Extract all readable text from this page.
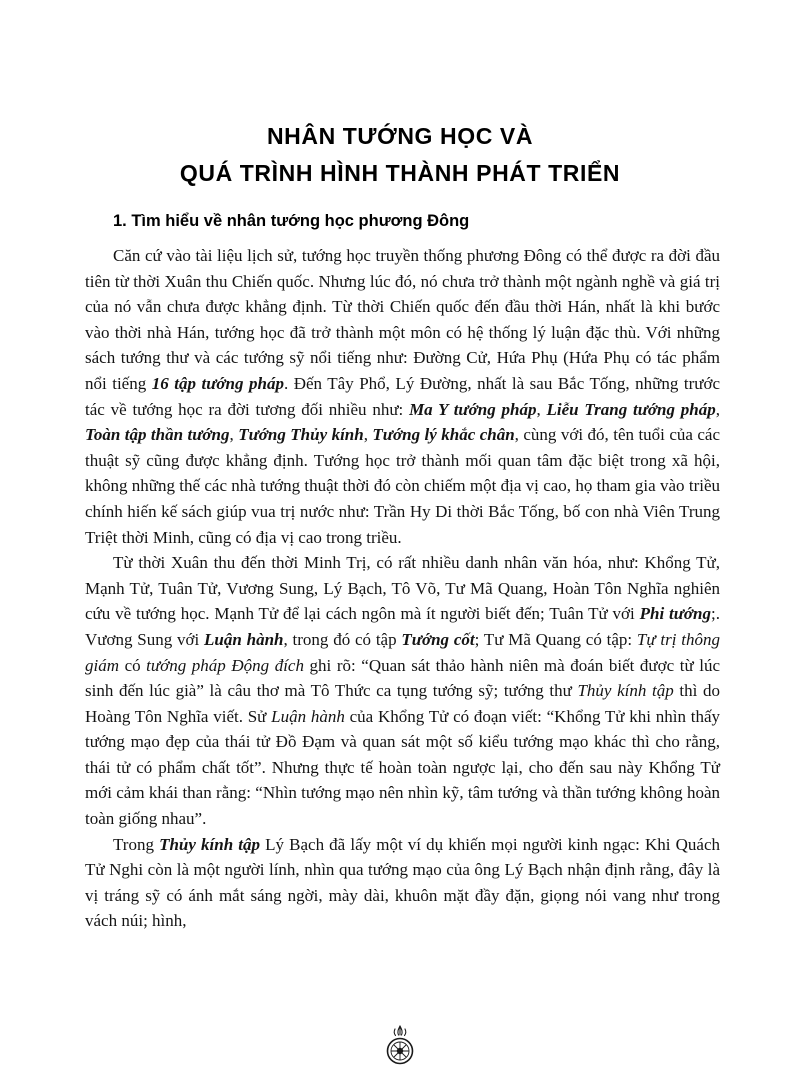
NHÂN TƯỚNG HỌC VÀ
QUÁ TRÌNH HÌNH THÀNH PHÁT TRIỂN
1. Tìm hiểu về nhân tướng học phương Đông

Căn cứ vào tài liệu lịch sử, tướng học truyền thống phương Đông có thể được ra đời đầu tiên từ thời Xuân thu Chiến quốc. Nhưng lúc đó, nó chưa trở thành một ngành nghề và giá trị của nó vẫn chưa được khẳng định. Từ thời Chiến quốc đến đầu thời Hán, nhất là khi bước vào thời nhà Hán, tướng học đã trở thành một môn có hệ thống lý luận đặc thù. Với những sách tướng thư và các tướng sỹ nổi tiếng như: Đường Cử, Hứa Phụ (Hứa Phụ có tác phẩm nổi tiếng 16 tập tướng pháp. Đến Tây Phổ, Lý Đường, nhất là sau Bắc Tống, những trước tác về tướng học ra đời tương đối nhiều như: Ma Y tướng pháp, Liễu Trang tướng pháp, Toàn tập thần tướng, Tướng Thủy kính, Tướng lý khắc chân, cùng với đó, tên tuổi của các thuật sỹ cũng được khẳng định. Tướng học trở thành mối quan tâm đặc biệt trong xã hội, không những thế các nhà tướng thuật thời đó còn chiếm một địa vị cao, họ tham gia vào triều chính hiến kế sách giúp vua trị nước như: Trần Hy Di thời Bắc Tống, bố con nhà Viên Trung Triệt thời Minh, cũng có địa vị cao trong triều.

Từ thời Xuân thu đến thời Minh Trị, có rất nhiều danh nhân văn hóa, như: Khổng Tử, Mạnh Tử, Tuân Tử, Vương Sung, Lý Bạch, Tô Võ, Tư Mã Quang, Hoàn Tôn Nghĩa nghiên cứu về tướng học. Mạnh Tử để lại cách ngôn mà ít người biết đến; Tuân Tử với Phi tướng;. Vương Sung với Luận hành, trong đó có tập Tướng cốt; Tư Mã Quang có tập: Tự trị thông giám có tướng pháp Động đích ghi rõ: “Quan sát thảo hành niên mà đoán biết được từ lúc sinh đến lúc già” là câu thơ mà Tô Thức ca tụng tướng sỹ; tướng thư Thủy kính tập thì do Hoàng Tôn Nghĩa viết. Sử Luận hành của Khổng Tử có đoạn viết: “Khổng Tử khi nhìn thấy tướng mạo đẹp của thái tử Đồ Đạm và quan sát một số kiểu tướng mạo khác thì cho rằng, thái tử có phẩm chất tốt”. Nhưng thực tế hoàn toàn ngược lại, cho đến sau này Khổng Tử mới cảm khái than rằng: “Nhìn tướng mạo nên nhìn kỹ, tâm tướng và thần tướng không hoàn toàn giống nhau”.

Trong Thủy kính tập Lý Bạch đã lấy một ví dụ khiến mọi người kinh ngạc: Khi Quách Tử Nghi còn là một người lính, nhìn qua tướng mạo của ông Lý Bạch nhận định rằng, đây là vị tráng sỹ có ánh mắt sáng ngời, mày dài, khuôn mặt đầy đặn, giọng nói vang như trong vách núi; hình,
